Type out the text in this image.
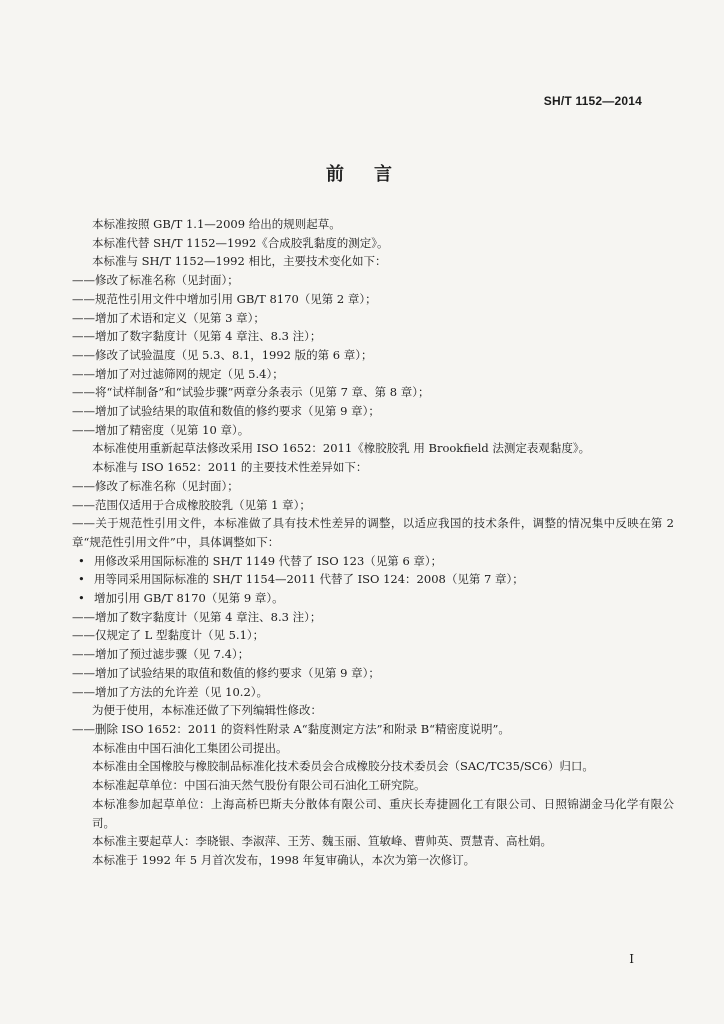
SH/T 1152—2014
前　言
本标准按照 GB/T 1.1—2009 给出的规则起草。
本标准代替 SH/T 1152—1992《合成胶乳黏度的测定》。
本标准与 SH/T 1152—1992 相比，主要技术变化如下：
——修改了标准名称（见封面）；
——规范性引用文件中增加引用 GB/T 8170（见第 2 章）；
——增加了术语和定义（见第 3 章）；
——增加了数字黏度计（见第 4 章注、8.3 注）；
——修改了试验温度（见 5.3、8.1，1992 版的第 6 章）；
——增加了对过滤筛网的规定（见 5.4）；
——将“试样制备”和“试验步骤”两章分条表示（见第 7 章、第 8 章）；
——增加了试验结果的取值和数值的修约要求（见第 9 章）；
——增加了精密度（见第 10 章）。
本标准使用重新起草法修改采用 ISO 1652：2011《橡胶胶乳 用 Brookfield 法测定表观黏度》。
本标准与 ISO 1652：2011 的主要技术性差异如下：
——修改了标准名称（见封面）；
——范围仅适用于合成橡胶胶乳（见第 1 章）；
——关于规范性引用文件，本标准做了具有技术性差异的调整，以适应我国的技术条件，调整的情况集中反映在第 2 章“规范性引用文件”中，具体调整如下：
• 用修改采用国际标准的 SH/T 1149 代替了 ISO 123（见第 6 章）；
• 用等同采用国际标准的 SH/T 1154—2011 代替了 ISO 124：2008（见第 7 章）；
• 增加引用 GB/T 8170（见第 9 章）。
——增加了数字黏度计（见第 4 章注、8.3 注）；
——仅规定了 L 型黏度计（见 5.1）；
——增加了预过滤步骤（见 7.4）；
——增加了试验结果的取值和数值的修约要求（见第 9 章）；
——增加了方法的允许差（见 10.2）。
为便于使用，本标准还做了下列编辑性修改：
——删除 ISO 1652：2011 的资料性附录 A“黏度测定方法”和附录 B“精密度说明”。
本标准由中国石油化工集团公司提出。
本标准由全国橡胶与橡胶制品标准化技术委员会合成橡胶分技术委员会（SAC/TC35/SC6）归口。
本标准起草单位：中国石油天然气股份有限公司石油化工研究院。
本标准参加起草单位：上海高桥巴斯夫分散体有限公司、重庆长寿捷圆化工有限公司、日照锦湖金马化学有限公司。
本标准主要起草人：李晓银、李淑萍、王芳、魏玉丽、笪敏峰、曹帅英、贾慧青、高杜娟。
本标准于 1992 年 5 月首次发布，1998 年复审确认，本次为第一次修订。
I
